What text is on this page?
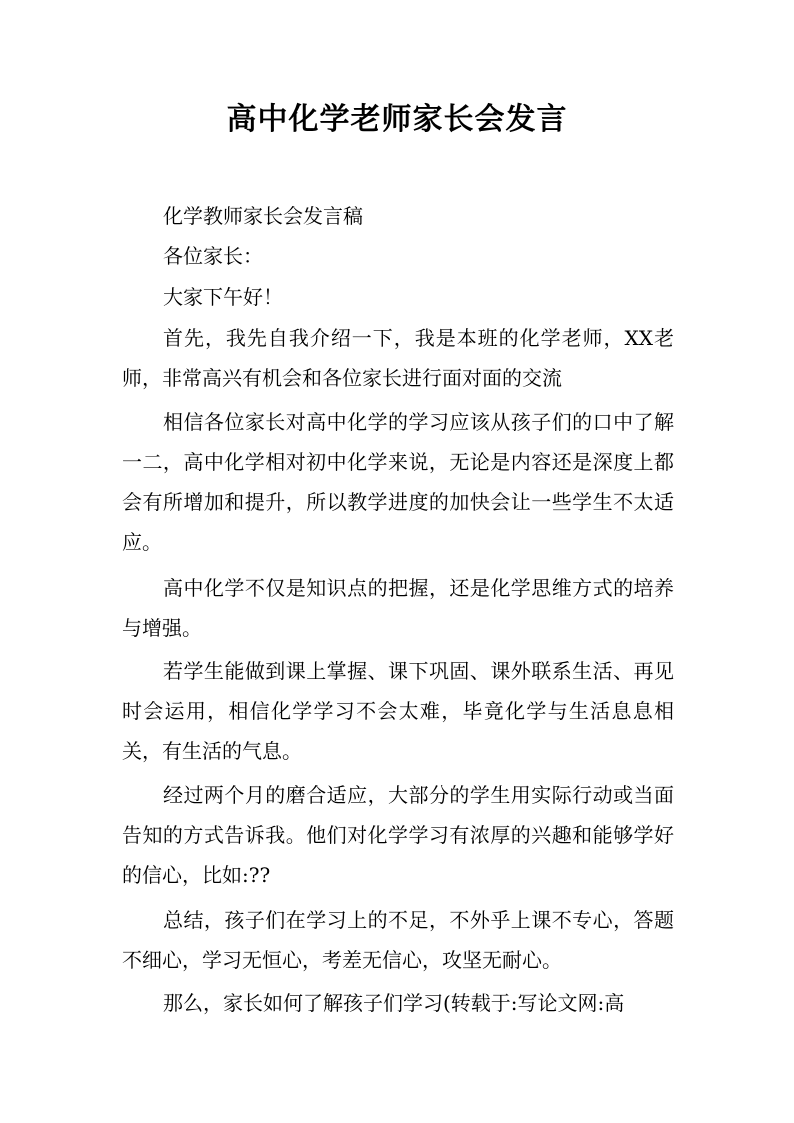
高中化学老师家长会发言
化学教师家长会发言稿
各位家长：
大家下午好！
首先，我先自我介绍一下，我是本班的化学老师，XX老师，非常高兴有机会和各位家长进行面对面的交流
相信各位家长对高中化学的学习应该从孩子们的口中了解一二，高中化学相对初中化学来说，无论是内容还是深度上都会有所增加和提升，所以教学进度的加快会让一些学生不太适应。
高中化学不仅是知识点的把握，还是化学思维方式的培养与增强。
若学生能做到课上掌握、课下巩固、课外联系生活、再见时会运用，相信化学学习不会太难，毕竟化学与生活息息相关，有生活的气息。
经过两个月的磨合适应，大部分的学生用实际行动或当面告知的方式告诉我。他们对化学学习有浓厚的兴趣和能够学好的信心，比如:??
总结，孩子们在学习上的不足，不外乎上课不专心，答题不细心，学习无恒心，考差无信心，攻坚无耐心。
那么，家长如何了解孩子们学习(转载于:写论文网:高
